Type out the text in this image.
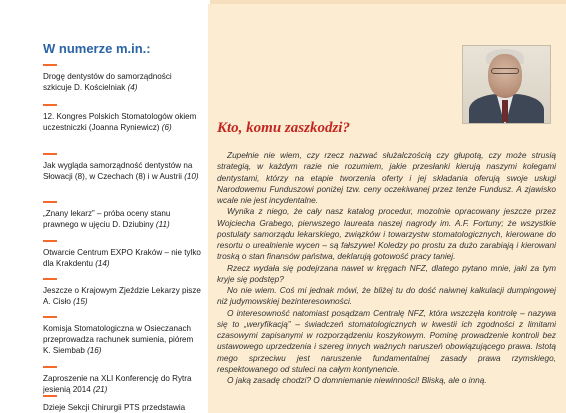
W numerze m.in.:
Drogę dentystów do samorządności szkicuje D. Kościelniak (4)
12. Kongres Polskich Stomatologów okiem uczestniczki (Joanna Ryniewicz) (6)
Jak wygląda samorządność dentystów na Słowacji (8), w Czechach (8) i w Austrii (10)
„Znany lekarz” – próba oceny stanu prawnego w ujęciu D. Dziubiny (11)
Otwarcie Centrum EXPO Kraków – nie tylko dla Krakdentu (14)
Jeszcze o Krajowym Zjeździe Lekarzy pisze A. Cisło (15)
Komisja Stomatologiczna w Osieczanach przeprowadza rachunek sumienia, piórem K. Siembab (16)
Zaproszenie na XLI Konferencję do Rytra jesienią 2014 (21)
Dzieje Sekcji Chirurgii PTS przedstawia
Kto, komu zaszkodzi?

Zupełnie nie wiem, czy rzecz nazwać służalczością czy głupotą, czy może strusią strategią, w każdym razie nie rozumiem, jakie przesłanki kierują naszymi kolegami dentystami, którzy na etapie tworzenia oferty i jej składania oferują swoje usługi Narodowemu Funduszowi poniżej tzw. ceny oczekiwanej przez tenże Fundusz. A zjawisko wcale nie jest incydentalne.

Wynika z niego, że cały nasz katalog procedur, mozolnie opracowany jeszcze przez Wojciecha Grabego, pierwszego laureata naszej nagrody im. A.F. Fortuny; że wszystkie postulaty samorządu lekarskiego, związków i towarzystw stomatologicznych, kierowane do resortu o urealnienie wycen – są fałszywe! Koledzy po prostu za dużo zarabiają i kierowani troską o stan finansów państwa, deklarują gotowość pracy taniej.

Rzecz wydała się podejrzana nawet w kręgach NFZ, dlatego pytano mnie, jaki za tym kryje się podstęp?

No nie wiem. Coś mi jednak mówi, że bliżej tu do dość naiwnej kalkulacji dumpingowej niż judymowskiej bezinteresowności.

O interesowność natomiast posądzam Centralę NFZ, która wszczęła kontrolę – nazywa się to „weryfikacją” – świadczeń stomatologicznych w kwestii ich zgodności z limitami czasowymi zapisanymi w rozporządzeniu koszykowym. Pominę prowadzenie kontroli bez ustawowego uprzedzenia i szereg innych ważnych naruszeń obowiązującego prawa. Istotą mego sprzeciwu jest naruszenie fundamentalnej zasady prawa rzymskiego, respektowanego od stuleci na całym kontynencie.

O jaką zasadę chodzi? O domniemanie niewinności! Bliską, ale o inną.
